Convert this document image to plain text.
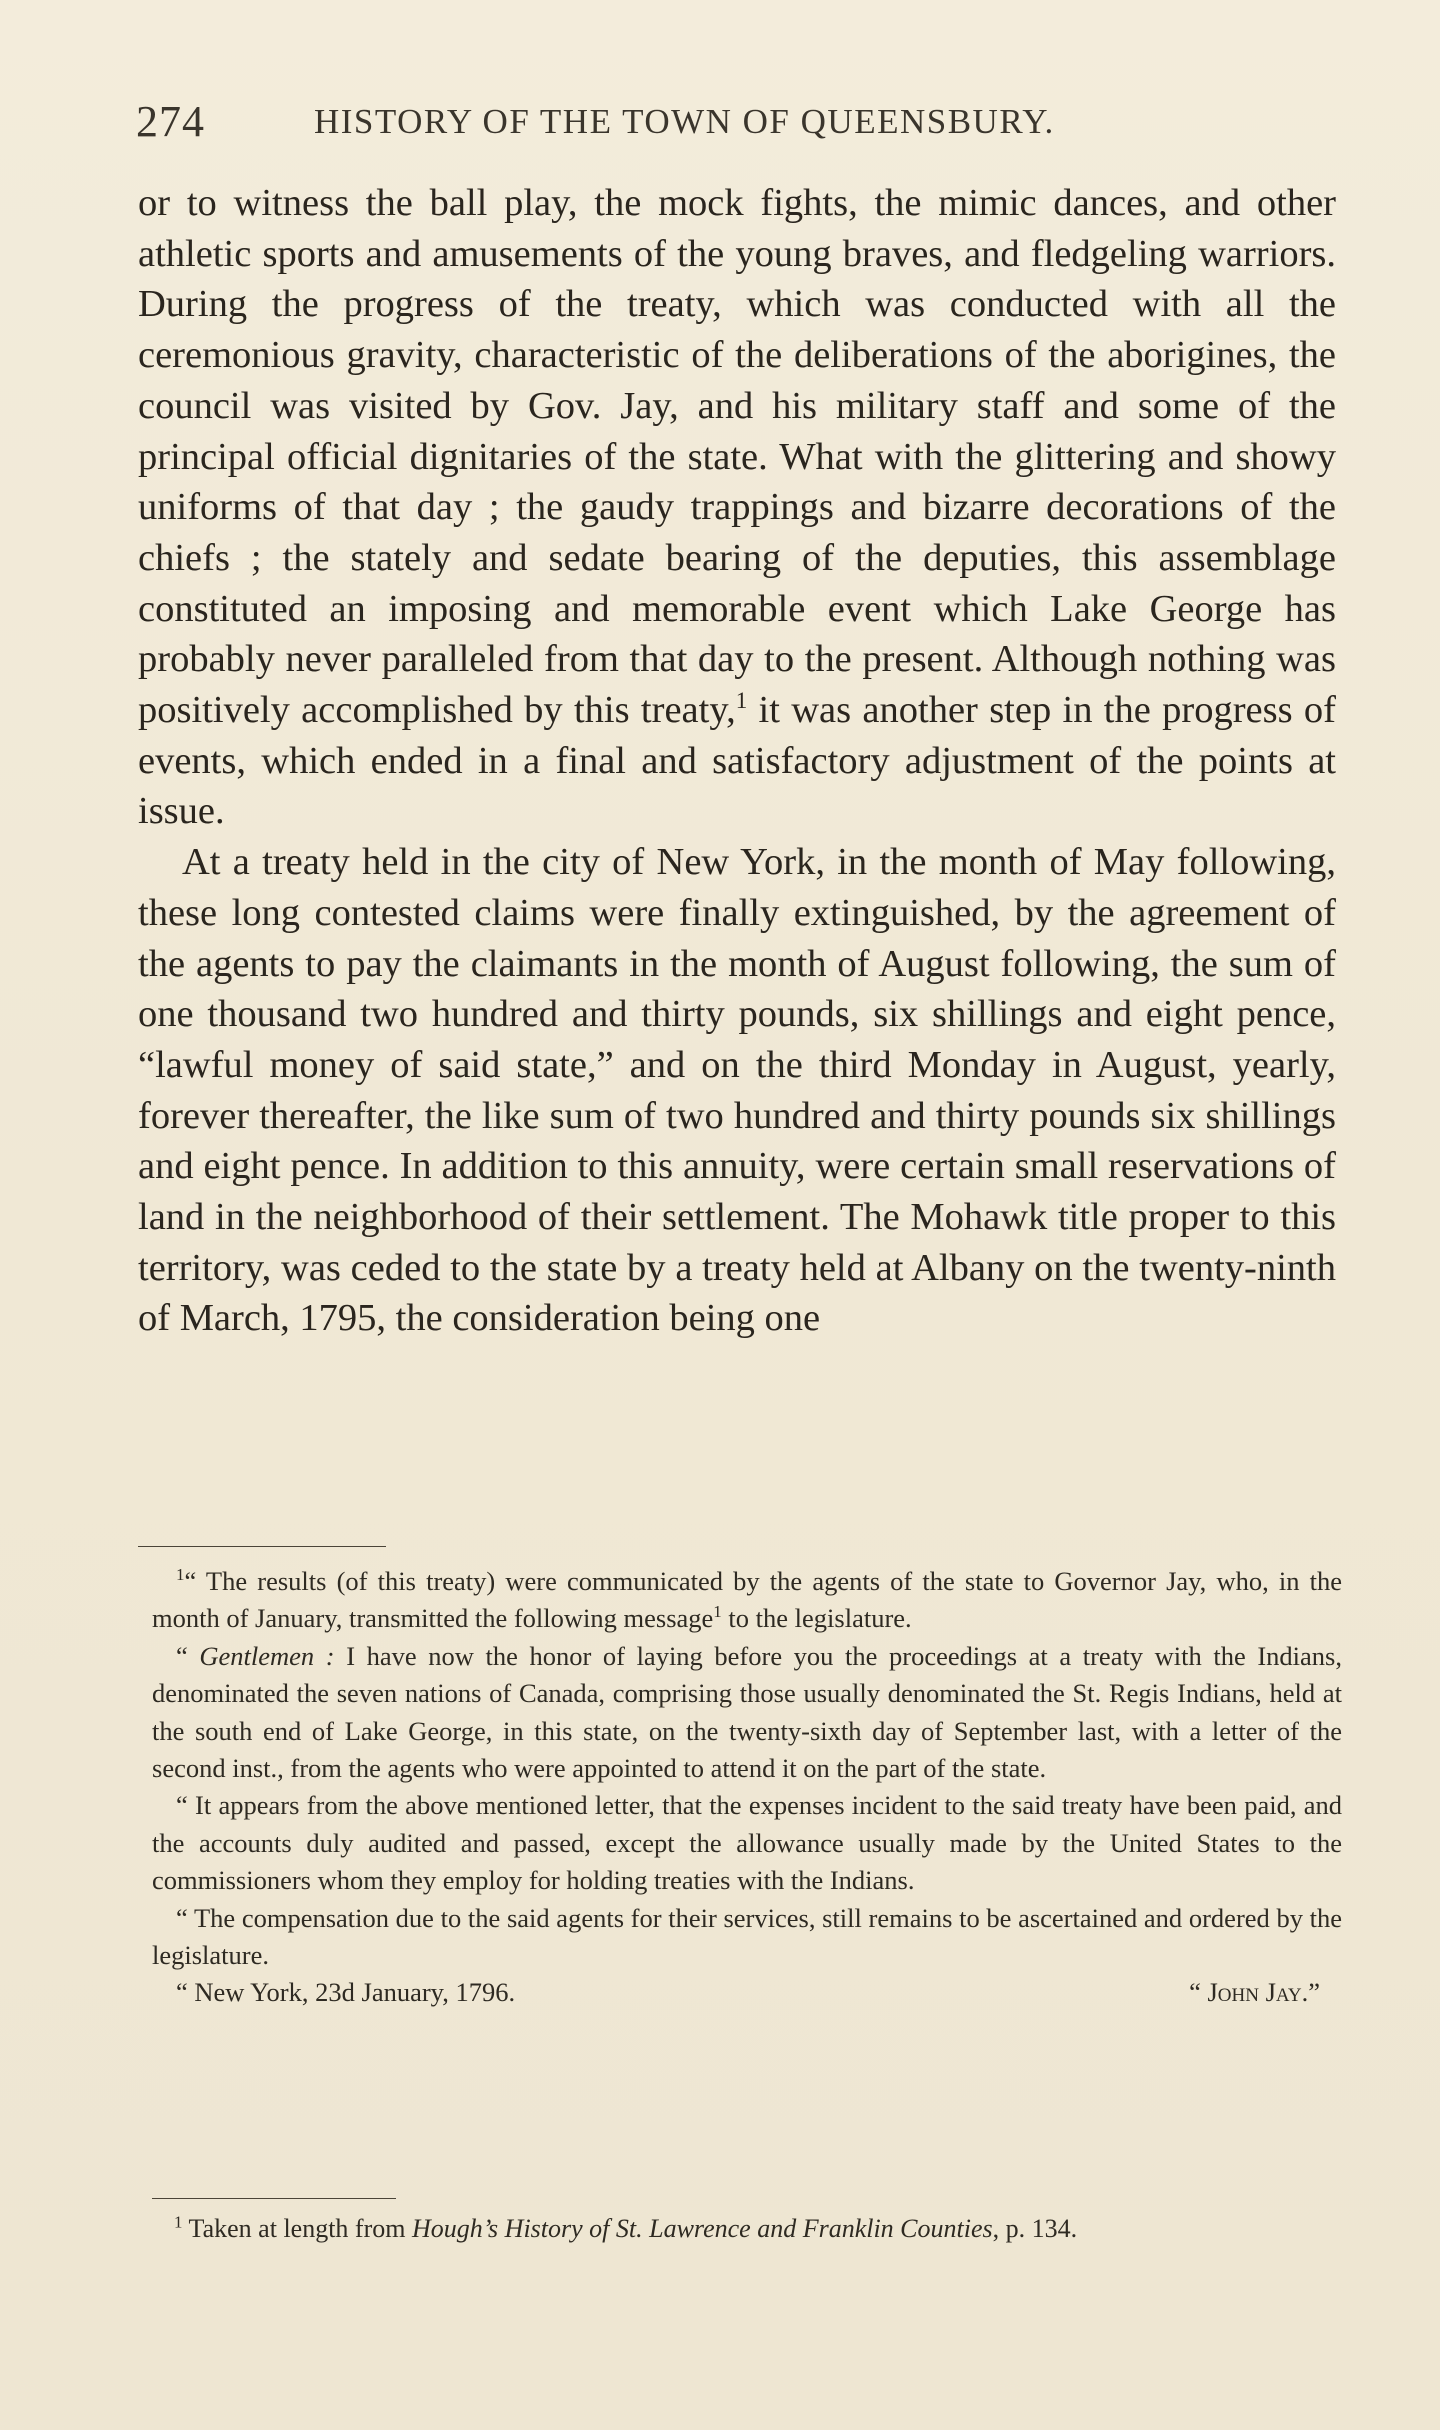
274	HISTORY OF THE TOWN OF QUEENSBURY.

or to witness the ball play, the mock fights, the mimic dances, and other athletic sports and amusements of the young braves, and fledgeling warriors. During the progress of the treaty, which was conducted with all the ceremonious gravity, characteristic of the deliberations of the aborigines, the council was visited by Gov. Jay, and his military staff and some of the principal official dignitaries of the state. What with the glittering and showy uniforms of that day ; the gaudy trappings and bizarre decorations of the chiefs ; the stately and sedate bearing of the deputies, this assemblage constituted an imposing and memorable event which Lake George has probably never paralleled from that day to the present. Although nothing was positively accomplished by this treaty,$^1$ it was another step in the progress of events, which ended in a final and satisfactory adjustment of the points at issue.

At a treaty held in the city of New York, in the month of May following, these long contested claims were finally extinguished, by the agreement of the agents to pay the claimants in the month of August following, the sum of one thousand two hundred and thirty pounds, six shillings and eight pence, “lawful money of said state,” and on the third Monday in August, yearly, forever thereafter, the like sum of two hundred and thirty pounds six shillings and eight pence. In addition to this annuity, were certain small reservations of land in the neighborhood of their settlement. The Mohawk title proper to this territory, was ceded to the state by a treaty held at Albany on the twenty-ninth of March, 1795, the consideration being one

$^1$“ The results (of this treaty) were communicated by the agents of the state to Governor Jay, who, in the month of January, transmitted the following message$^1$ to the legislature.

“ Gentlemen : I have now the honor of laying before you the proceedings at a treaty with the Indians, denominated the seven nations of Canada, comprising those usually denominated the St. Regis Indians, held at the south end of Lake George, in this state, on the twenty-sixth day of September last, with a letter of the second inst., from the agents who were appointed to attend it on the part of the state.

“ It appears from the above mentioned letter, that the expenses incident to the said treaty have been paid, and the accounts duly audited and passed, except the allowance usually made by the United States to the commissioners whom they employ for holding treaties with the Indians.

“ The compensation due to the said agents for their services, still remains to be ascertained and ordered by the legislature.

“ New York, 23d January, 1796.	“ John Jay.”

$^1$ Taken at length from Hough’s History of St. Lawrence and Franklin Counties, p. 134.
